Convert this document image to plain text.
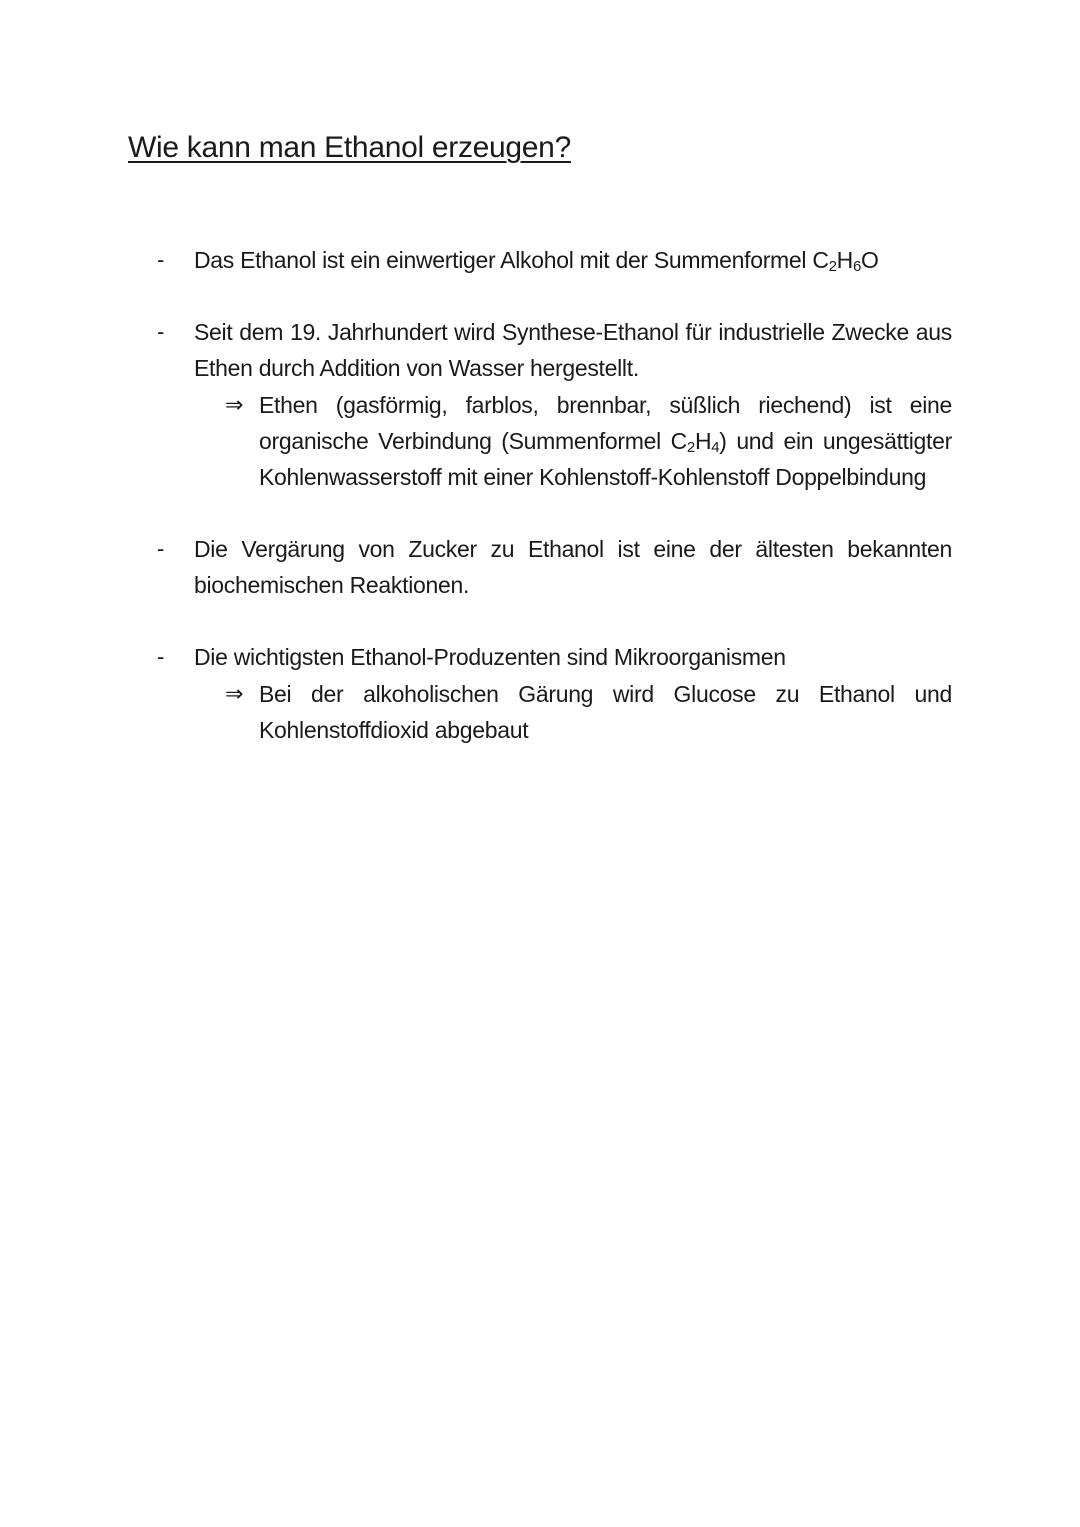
Wie kann man Ethanol erzeugen?
- Das Ethanol ist ein einwertiger Alkohol mit der Summenformel $C_2H_6O$
- Seit dem 19. Jahrhundert wird Synthese-Ethanol für industrielle Zwecke aus Ethen durch Addition von Wasser hergestellt.
⇒ Ethen (gasförmig, farblos, brennbar, süßlich riechend) ist eine organische Verbindung (Summenformel $C_2H_4$) und ein ungesättigter Kohlenwasserstoff mit einer Kohlenstoff-Kohlenstoff Doppelbindung
- Die Vergärung von Zucker zu Ethanol ist eine der ältesten bekannten biochemischen Reaktionen.
- Die wichtigsten Ethanol-Produzenten sind Mikroorganismen
⇒ Bei der alkoholischen Gärung wird Glucose zu Ethanol und Kohlenstoffdioxid abgebaut
